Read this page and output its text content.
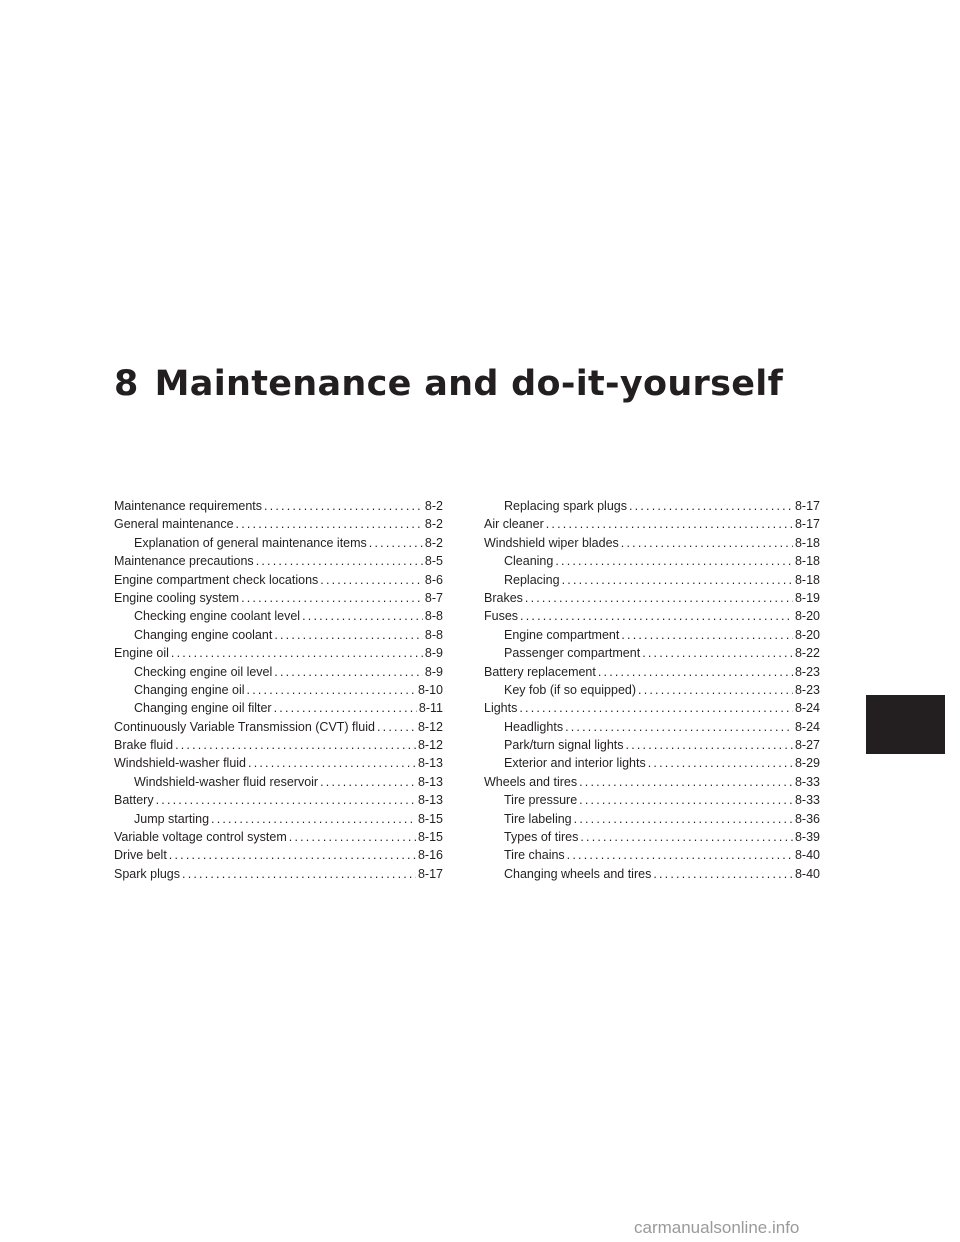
8 Maintenance and do-it-yourself
Maintenance requirements .....	8-2
General maintenance .....	8-2
Explanation of general maintenance items .....	8-2
Maintenance precautions .....	8-5
Engine compartment check locations .....	8-6
Engine cooling system .....	8-7
Checking engine coolant level .....	8-8
Changing engine coolant .....	8-8
Engine oil .....	8-9
Checking engine oil level .....	8-9
Changing engine oil .....	8-10
Changing engine oil filter .....	8-11
Continuously Variable Transmission (CVT) fluid .....	8-12
Brake fluid .....	8-12
Windshield-washer fluid .....	8-13
Windshield-washer fluid reservoir .....	8-13
Battery .....	8-13
Jump starting .....	8-15
Variable voltage control system .....	8-15
Drive belt .....	8-16
Spark plugs .....	8-17
Replacing spark plugs .....	8-17
Air cleaner .....	8-17
Windshield wiper blades .....	8-18
Cleaning .....	8-18
Replacing .....	8-18
Brakes .....	8-19
Fuses .....	8-20
Engine compartment .....	8-20
Passenger compartment .....	8-22
Battery replacement .....	8-23
Key fob (if so equipped) .....	8-23
Lights .....	8-24
Headlights .....	8-24
Park/turn signal lights .....	8-27
Exterior and interior lights .....	8-29
Wheels and tires .....	8-33
Tire pressure .....	8-33
Tire labeling .....	8-36
Types of tires .....	8-39
Tire chains .....	8-40
Changing wheels and tires .....	8-40
carmanualsonline.info
